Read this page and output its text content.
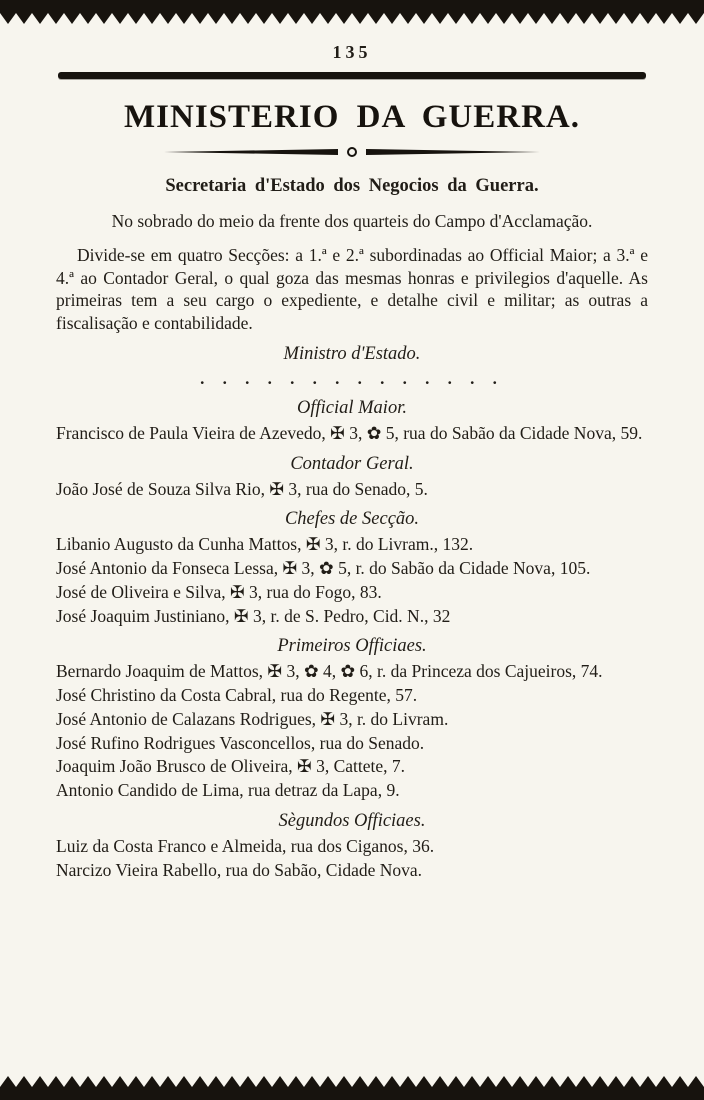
135
MINISTERIO DA GUERRA.
Secretaria d'Estado dos Negocios da Guerra.

No sobrado do meio da frente dos quarteis do Campo d'Acclamação.

Divide-se em quatro Secções: a 1.ª e 2.ª subordinadas ao Official Maior; a 3.ª e 4.ª ao Contador Geral, o qual goza das mesmas honras e privilegios d'aquelle. As primeiras tem a seu cargo o expediente, e detalhe civil e militar; as outras a fiscalisação e contabilidade.

Ministro d'Estado.

. . . . . . . . . . . . . .

Official Maior.

Francisco de Paula Vieira de Azevedo, ✠ 3, ✿ 5, rua do Sabão da Cidade Nova, 59.

Contador Geral.

João José de Souza Silva Rio, ✠ 3, rua do Senado, 5.

Chefes de Secção.

Libanio Augusto da Cunha Mattos, ✠ 3, r. do Livram., 132.

José Antonio da Fonseca Lessa, ✠ 3, ✿ 5, r. do Sabão da Cidade Nova, 105.

José de Oliveira e Silva, ✠ 3, rua do Fogo, 83.

José Joaquim Justiniano, ✠ 3, r. de S. Pedro, Cid. N., 32

Primeiros Officiaes.

Bernardo Joaquim de Mattos, ✠ 3, ✿ 4, ✿ 6, r. da Princeza dos Cajueiros, 74.

José Christino da Costa Cabral, rua do Regente, 57.

José Antonio de Calazans Rodrigues, ✠ 3, r. do Livram.

José Rufino Rodrigues Vasconcellos, rua do Senado.

Joaquim João Brusco de Oliveira, ✠ 3, Cattete, 7.

Antonio Candido de Lima, rua detraz da Lapa, 9.

Sègundos Officiaes.

Luiz da Costa Franco e Almeida, rua dos Ciganos, 36.

Narcizo Vieira Rabello, rua do Sabão, Cidade Nova.
